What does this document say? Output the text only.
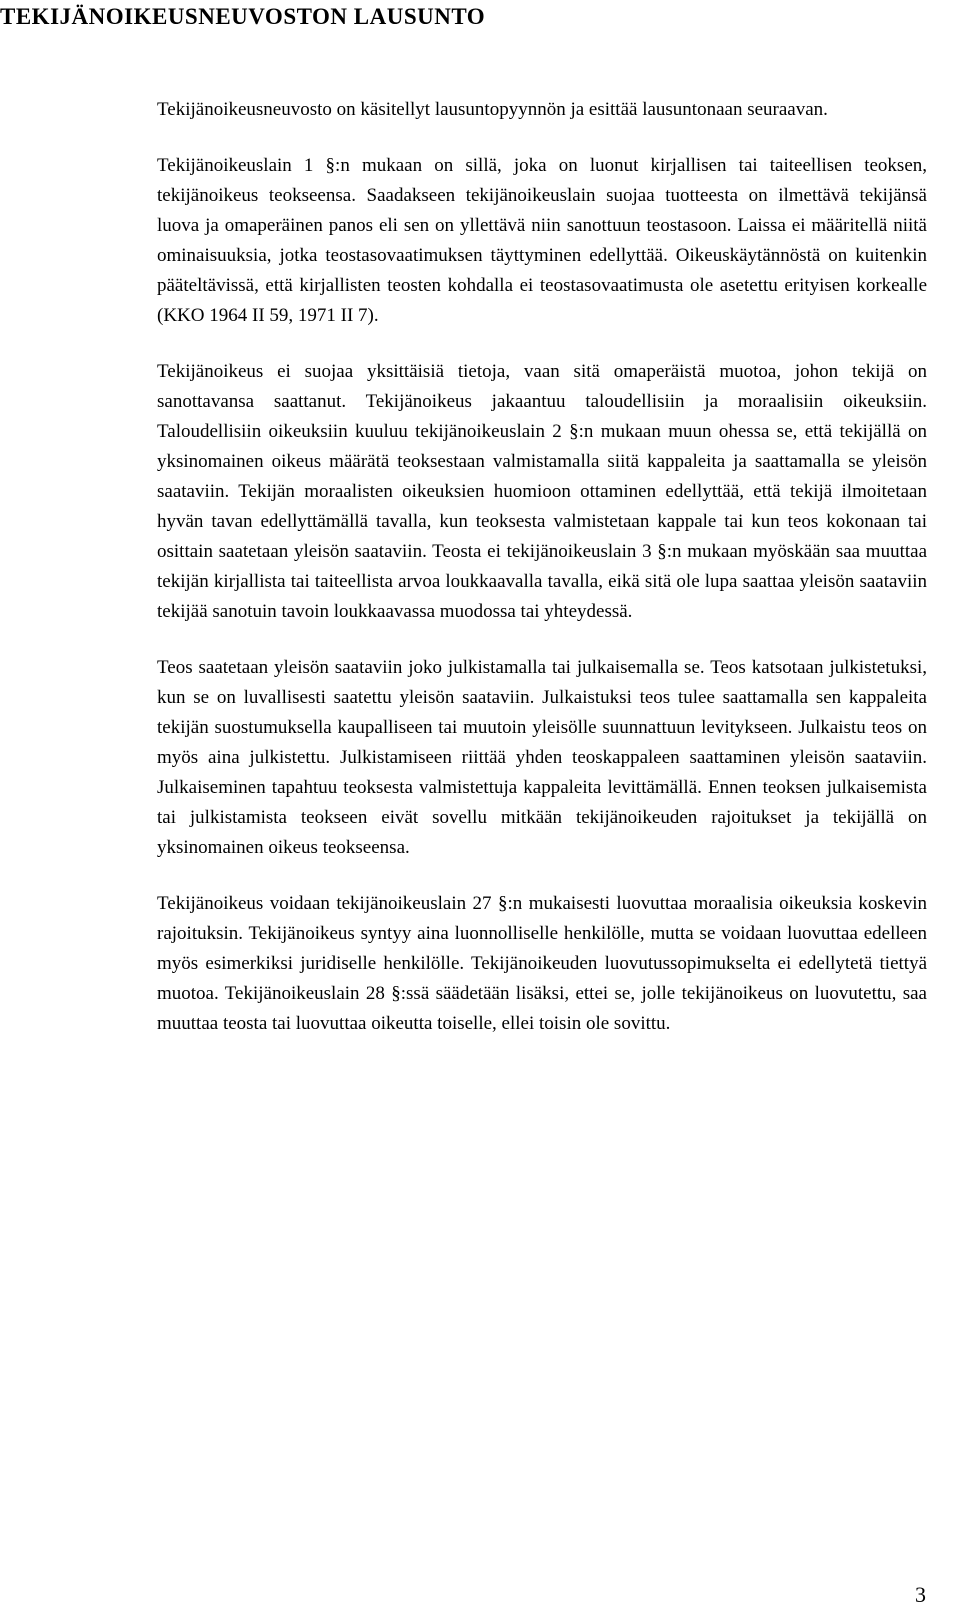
TEKIJÄNOIKEUSNEUVOSTON LAUSUNTO

Tekijänoikeusneuvosto on käsitellyt lausuntopyynnön ja esittää lausuntonaan seuraavan.

Tekijänoikeuslain 1 §:n mukaan on sillä, joka on luonut kirjallisen tai taiteellisen teoksen, tekijänoikeus teokseensa. Saadakseen tekijänoikeuslain suojaa tuotteesta on ilmettävä tekijänsä luova ja omaperäinen panos eli sen on yllettävä niin sanottuun teostasoon. Laissa ei määritellä niitä ominaisuuksia, jotka teostasovaatimuksen täyttyminen edellyttää. Oikeuskäytännöstä on kuitenkin pääteltävissä, että kirjallisten teosten kohdalla ei teostasovaatimusta ole asetettu erityisen korkealle (KKO 1964 II 59, 1971 II 7).

Tekijänoikeus ei suojaa yksittäisiä tietoja, vaan sitä omaperäistä muotoa, johon tekijä on sanottavansa saattanut. Tekijänoikeus jakaantuu taloudellisiin ja moraalisiin oikeuksiin. Taloudellisiin oikeuksiin kuuluu tekijänoikeuslain 2 §:n mukaan muun ohessa se, että tekijällä on yksinomainen oikeus määrätä teoksestaan valmistamalla siitä kappaleita ja saattamalla se yleisön saataviin. Tekijän moraalisten oikeuksien huomioon ottaminen edellyttää, että tekijä ilmoitetaan hyvän tavan edellyttämällä tavalla, kun teoksesta valmistetaan kappale tai kun teos kokonaan tai osittain saatetaan yleisön saataviin. Teosta ei tekijänoikeuslain 3 §:n mukaan myöskään saa muuttaa tekijän kirjallista tai taiteellista arvoa loukkaavalla tavalla, eikä sitä ole lupa saattaa yleisön saataviin tekijää sanotuin tavoin loukkaavassa muodossa tai yhteydessä.

Teos saatetaan yleisön saataviin joko julkistamalla tai julkaisemalla se. Teos katsotaan julkistetuksi, kun se on luvallisesti saatettu yleisön saataviin. Julkaistuksi teos tulee saattamalla sen kappaleita tekijän suostumuksella kaupalliseen tai muutoin yleisölle suunnattuun levitykseen. Julkaistu teos on myös aina julkistettu. Julkistamiseen riittää yhden teoskappaleen saattaminen yleisön saataviin. Julkaiseminen tapahtuu teoksesta valmistettuja kappaleita levittämällä. Ennen teoksen julkaisemista tai julkistamista teokseen eivät sovellu mitkään tekijänoikeuden rajoitukset ja tekijällä on yksinomainen oikeus teokseensa.

Tekijänoikeus voidaan tekijänoikeuslain 27 §:n mukaisesti luovuttaa moraalisia oikeuksia koskevin rajoituksin. Tekijänoikeus syntyy aina luonnolliselle henkilölle, mutta se voidaan luovuttaa edelleen myös esimerkiksi juridiselle henkilölle. Tekijänoikeuden luovutussopimukselta ei edellytetä tiettyä muotoa. Tekijänoikeuslain 28 §:ssä säädetään lisäksi, ettei se, jolle tekijänoikeus on luovutettu, saa muuttaa teosta tai luovuttaa oikeutta toiselle, ellei toisin ole sovittu.

3
